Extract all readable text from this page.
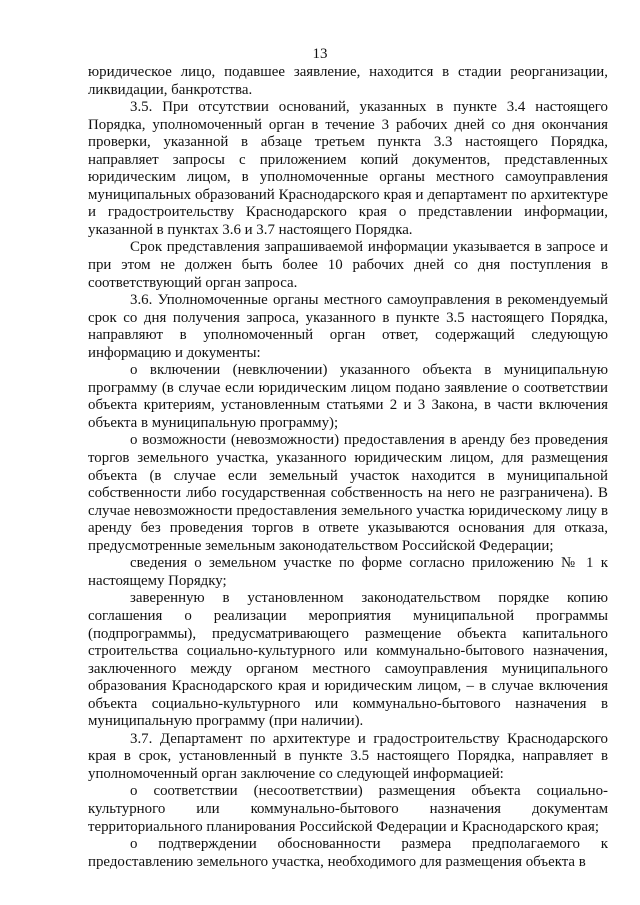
13

юридическое лицо, подавшее заявление, находится в стадии реорганизации, ликвидации, банкротства.

3.5. При отсутствии оснований, указанных в пункте 3.4 настоящего Порядка, уполномоченный орган в течение 3 рабочих дней со дня окончания проверки, указанной в абзаце третьем пункта 3.3 настоящего Порядка, направляет запросы с приложением копий документов, представленных юридическим лицом, в уполномоченные органы местного самоуправления муниципальных образований Краснодарского края и департамент по архитектуре и градостроительству Краснодарского края о представлении информации, указанной в пунктах 3.6 и 3.7 настоящего Порядка.

Срок представления запрашиваемой информации указывается в запросе и при этом не должен быть более 10 рабочих дней со дня поступления в соответствующий орган запроса.

3.6. Уполномоченные органы местного самоуправления в рекомендуемый срок со дня получения запроса, указанного в пункте 3.5 настоящего Порядка, направляют в уполномоченный орган ответ, содержащий следующую информацию и документы:

о включении (невключении) указанного объекта в муниципальную программу (в случае если юридическим лицом подано заявление о соответствии объекта критериям, установленным статьями 2 и 3 Закона, в части включения объекта в муниципальную программу);

о возможности (невозможности) предоставления в аренду без проведения торгов земельного участка, указанного юридическим лицом, для размещения объекта (в случае если земельный участок находится в муниципальной собственности либо государственная собственность на него не разграничена). В случае невозможности предоставления земельного участка юридическому лицу в аренду без проведения торгов в ответе указываются основания для отказа, предусмотренные земельным законодательством Российской Федерации;

сведения о земельном участке по форме согласно приложению № 1 к настоящему Порядку;

заверенную в установленном законодательством порядке копию соглашения о реализации мероприятия муниципальной программы (подпрограммы), предусматривающего размещение объекта капитального строительства социально-культурного или коммунально-бытового назначения, заключенного между органом местного самоуправления муниципального образования Краснодарского края и юридическим лицом, – в случае включения объекта социально-культурного или коммунально-бытового назначения в муниципальную программу (при наличии).

3.7. Департамент по архитектуре и градостроительству Краснодарского края в срок, установленный в пункте 3.5 настоящего Порядка, направляет в уполномоченный орган заключение со следующей информацией:

о соответствии (несоответствии) размещения объекта социально-культурного или коммунально-бытового назначения документам территориального планирования Российской Федерации и Краснодарского края;

о подтверждении обоснованности размера предполагаемого к предоставлению земельного участка, необходимого для размещения объекта в
